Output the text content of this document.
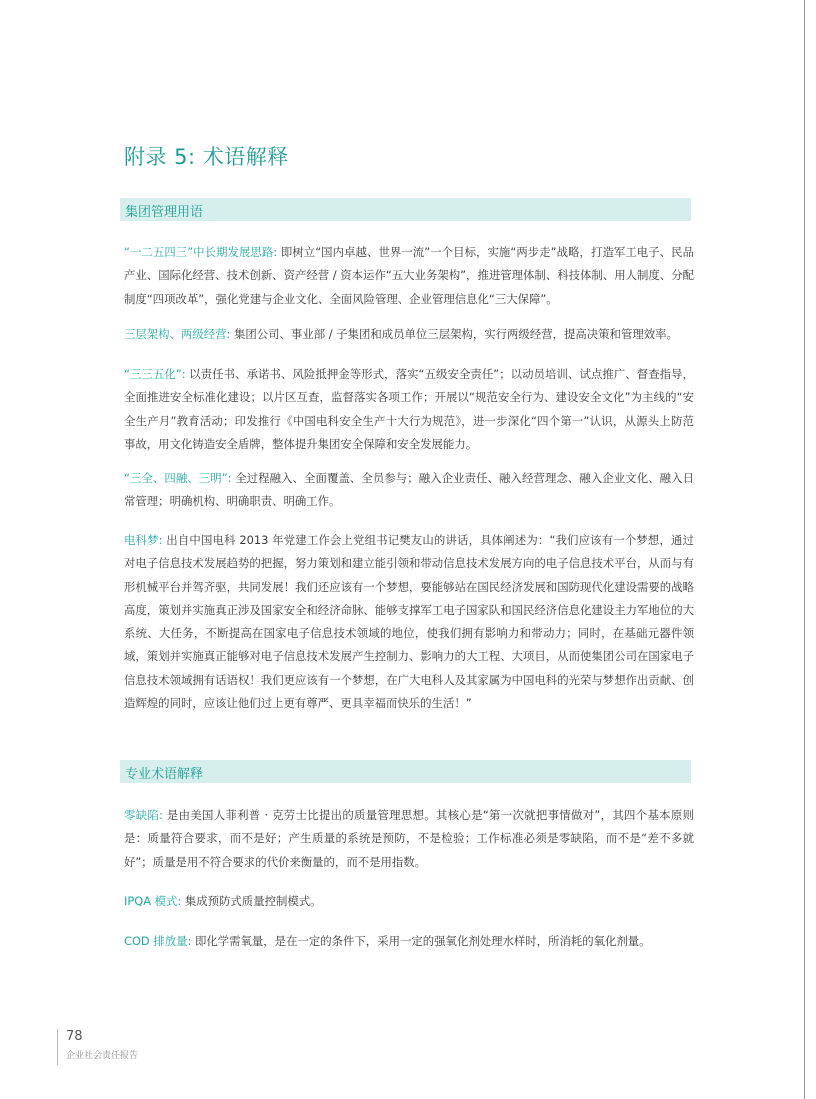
附录 5: 术语解释
集团管理用语
“一二五四三”中长期发展思路: 即树立“国内卓越、世界一流”一个目标，实施“两步走”战略，打造军工电子、民品产业、国际化经营、技术创新、资产经营 / 资本运作“五大业务架构”，推进管理体制、科技体制、用人制度、分配制度“四项改革”，强化党建与企业文化、全面风险管理、企业管理信息化“三大保障”。
三层架构、两级经营: 集团公司、事业部 / 子集团和成员单位三层架构，实行两级经营，提高决策和管理效率。
“三三五化”: 以责任书、承诺书、风险抵押金等形式，落实“五级安全责任”；以动员培训、试点推广、督查指导，全面推进安全标准化建设；以片区互查，监督落实各项工作；开展以“规范安全行为、建设安全文化”为主线的“安全生产月”教育活动；印发推行《中国电科安全生产十大行为规范》，进一步深化“四个第一”认识，从源头上防范事故，用文化铸造安全盾牌，整体提升集团安全保障和安全发展能力。
“三全、四融、三明”: 全过程融入、全面覆盖、全员参与；融入企业责任、融入经营理念、融入企业文化、融入日常管理；明确机构、明确职责、明确工作。
电科梦: 出自中国电科 2013 年党建工作会上党组书记樊友山的讲话，具体阐述为：“我们应该有一个梦想，通过对电子信息技术发展趋势的把握，努力策划和建立能引领和带动信息技术发展方向的电子信息技术平台，从而与有形机械平台并驾齐驱，共同发展！我们还应该有一个梦想，要能够站在国民经济发展和国防现代化建设需要的战略高度，策划并实施真正涉及国家安全和经济命脉、能够支撑军工电子国家队和国民经济信息化建设主力军地位的大系统、大任务，不断提高在国家电子信息技术领域的地位，使我们拥有影响力和带动力；同时，在基础元器件领域，策划并实施真正能够对电子信息技术发展产生控制力、影响力的大工程、大项目，从而使集团公司在国家电子信息技术领域拥有话语权！我们更应该有一个梦想，在广大电科人及其家属为中国电科的光荣与梦想作出贡献、创造辉煌的同时，应该让他们过上更有尊严、更具幸福而快乐的生活！”
专业术语解释
零缺陷: 是由美国人菲利普 · 克劳士比提出的质量管理思想。其核心是“第一次就把事情做对”，其四个基本原则是：质量符合要求，而不是好；产生质量的系统是预防，不是检验；工作标准必须是零缺陷，而不是“差不多就好”；质量是用不符合要求的代价来衡量的，而不是用指数。
IPQA 模式: 集成预防式质量控制模式。
COD 排放量: 即化学需氧量，是在一定的条件下，采用一定的强氧化剂处理水样时，所消耗的氧化剂量。
78
企业社会责任报告
